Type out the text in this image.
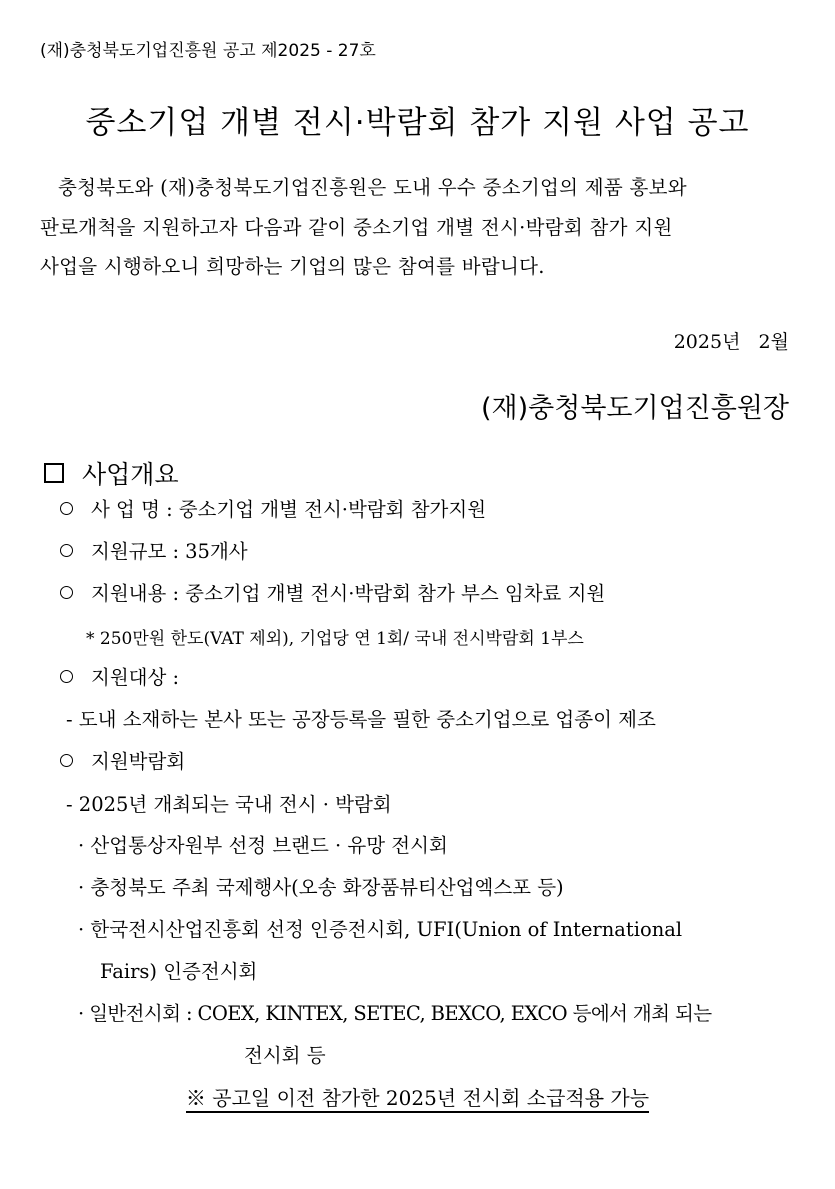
(재)충청북도기업진흥원 공고 제2025 - 27호
중소기업 개별 전시·박람회 참가 지원 사업 공고
충청북도와 (재)충청북도기업진흥원은 도내 우수 중소기업의 제품 홍보와
판로개척을 지원하고자 다음과 같이 중소기업 개별 전시·박람회 참가 지원
사업을 시행하오니 희망하는 기업의 많은 참여를 바랍니다.
2025년   2월
(재)충청북도기업진흥원장
사업개요
사 업 명 : 중소기업 개별 전시·박람회 참가지원
지원규모 : 35개사
지원내용 : 중소기업 개별 전시·박람회 참가 부스 임차료 지원
* 250만원 한도(VAT 제외), 기업당 연 1회/ 국내 전시박람회 1부스
지원대상 :
- 도내 소재하는 본사 또는 공장등록을 필한 중소기업으로 업종이 제조
지원박람회
- 2025년 개최되는 국내 전시 · 박람회
· 산업통상자원부 선정 브랜드 · 유망 전시회
· 충청북도 주최 국제행사(오송 화장품뷰티산업엑스포 등)
· 한국전시산업진흥회 선정 인증전시회, UFI(Union of International
Fairs) 인증전시회
· 일반전시회 : COEX, KINTEX, SETEC, BEXCO, EXCO 등에서 개최 되는
전시회 등
※ 공고일 이전 참가한 2025년 전시회 소급적용 가능
